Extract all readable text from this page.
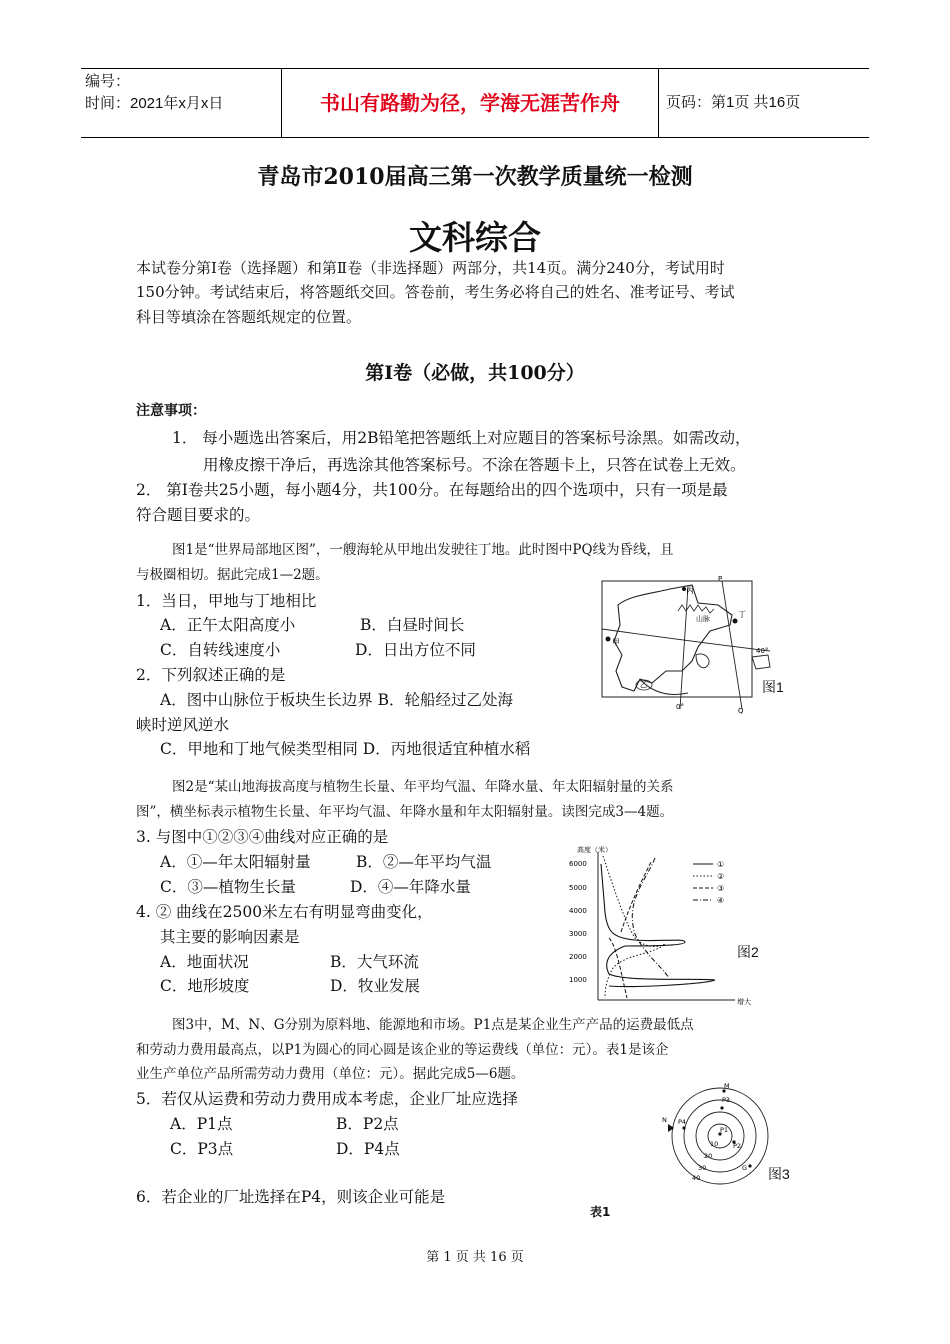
编号：
时间：2021年x月x日	书山有路勤为径，学海无涯苦作舟	页码：第1页 共16页
青岛市2010届高三第一次教学质量统一检测
文科综合
本试卷分第Ⅰ卷（选择题）和第Ⅱ卷（非选择题）两部分，共14页。满分240分，考试用时
150分钟。考试结束后，将答题纸交回。答卷前，考生务必将自己的姓名、准考证号、考试
科目等填涂在答题纸规定的位置。
第Ⅰ卷（必做，共100分）
注意事项：
1． 每小题选出答案后，用2B铅笔把答题纸上对应题目的答案标号涂黑。如需改动，
用橡皮擦干净后，再选涂其他答案标号。不涂在答题卡上，只答在试卷上无效。
2． 第Ⅰ卷共25小题，每小题4分，共100分。在每题给出的四个选项中，只有一项是最
符合题目要求的。
图1是“世界局部地区图”，一艘海轮从甲地出发驶往丁地。此时图中PQ线为昏线，且
与极圈相切。据此完成1—2题。
1．当日，甲地与丁地相比
A．正午太阳高度小	B．白昼时间长
C．自转线速度小	D．日出方位不同
2．下列叙述正确的是
A．图中山脉位于板块生长边界 B．轮船经过乙处海
峡时逆风逆水
C．甲地和丁地气候类型相同 D．丙地很适宜种植水稻
P
Q
丙
丁
山脉
甲
乙
40°
0°
图1
图2是“某山地海拔高度与植物生长量、年平均气温、年降水量、年太阳辐射量的关系
图”，横坐标表示植物生长量、年平均气温、年降水量和年太阳辐射量。读图完成3—4题。
3. 与图中①②③④曲线对应正确的是
A．①—年太阳辐射量	B．②—年平均气温
C．③—植物生长量	D．④—年降水量
4. ② 曲线在2500米左右有明显弯曲变化，
其主要的影响因素是
A．地面状况	B．大气环流
C．地形坡度	D．牧业发展
高度（米）
6000
5000
4000
3000
2000
1000
增大
①
②
③
④
图2
图3中，M、N、G分别为原料地、能源地和市场。P1点是某企业生产产品的运费最低点
和劳动力费用最高点，以P1为圆心的同心圆是该企业的等运费线（单位：元）。表1是该企
业生产单位产品所需劳动力费用（单位：元）。据此完成5—6题。
5．若仅从运费和劳动力费用成本考虑，企业厂址应选择
A．P1点	B．P2点
C．P3点	D．P4点
6．若企业的厂址选择在P4，则该企业可能是
M
P3
P4
N
P1
P2
G
10
20
30
40	图3
表1
第 1 页 共 16 页
